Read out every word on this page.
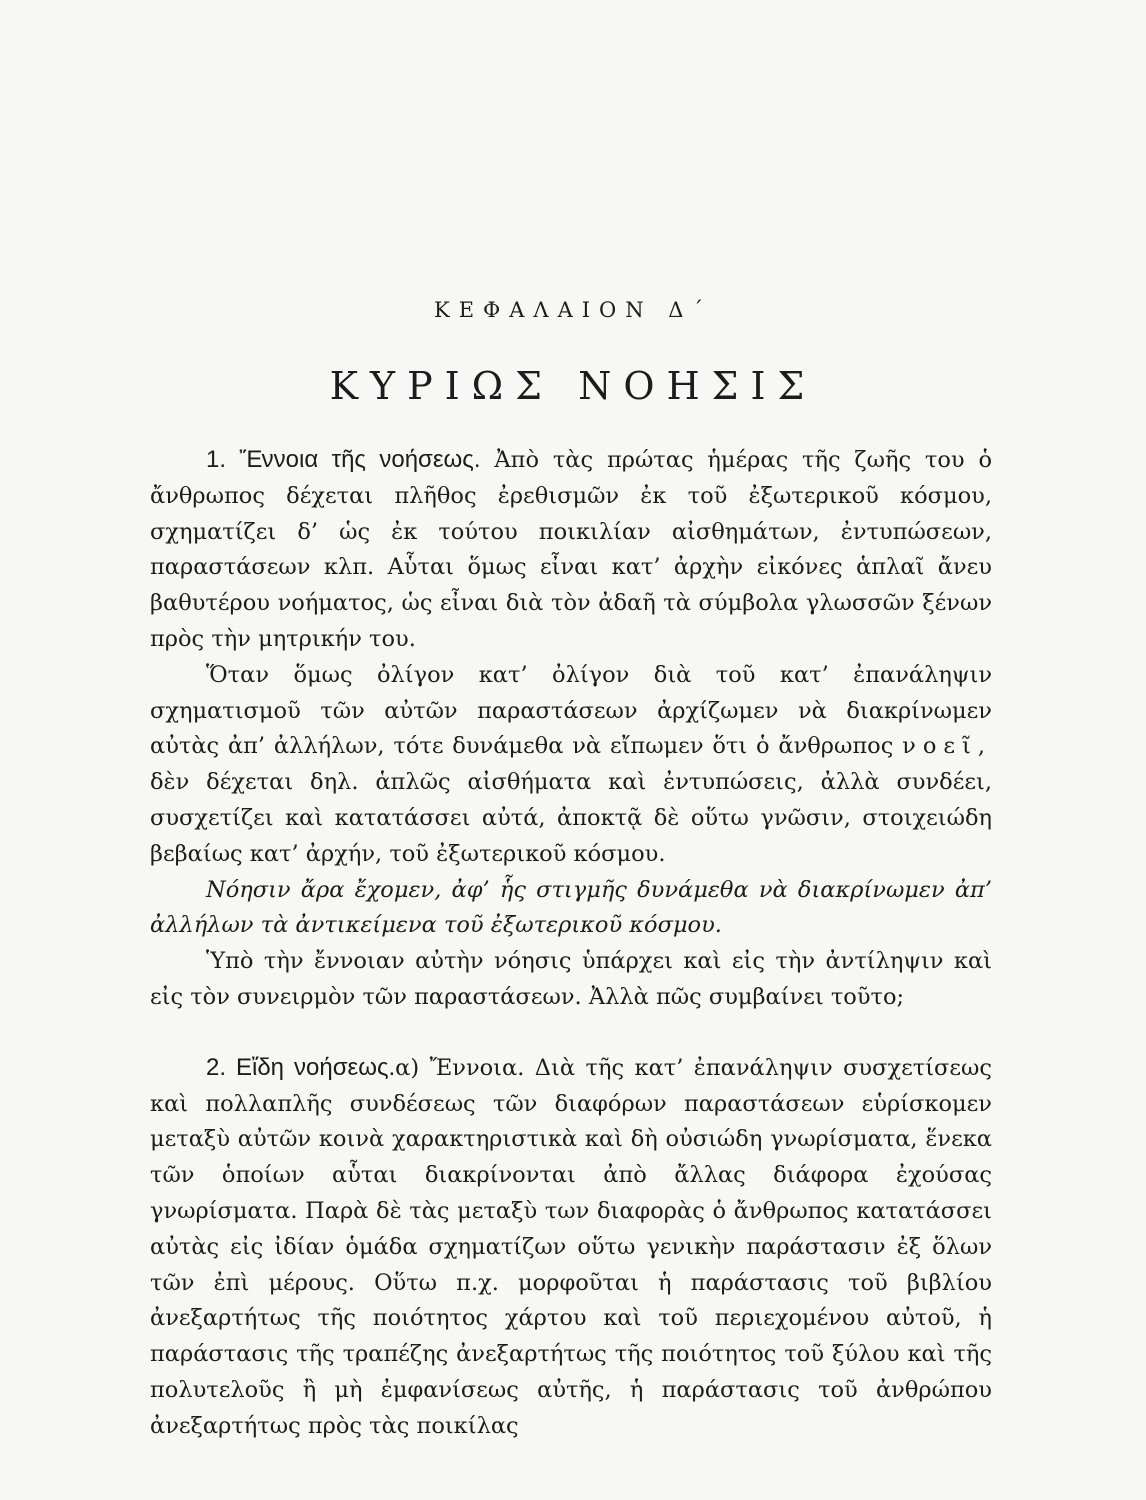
ΚΕΦΑΛΑΙΟΝ Δ΄
ΚΥΡΙΩΣ ΝΟΗΣΙΣ

1. Ἔννοια τῆς νοήσεως. Ἀπὸ τὰς πρώτας ἡμέρας τῆς ζωῆς του ὁ ἄνθρωπος δέχεται πλῆθος ἐρεθισμῶν ἐκ τοῦ ἐξωτερικοῦ κόσμου, σχηματίζει δ’ ὡς ἐκ τούτου ποικιλίαν αἰσθημάτων, ἐντυπώσεων, παραστάσεων κλπ. Αὗται ὅμως εἶναι κατ’ ἀρχὴν εἰκόνες ἁπλαῖ ἄνευ βαθυτέρου νοήματος, ὡς εἶναι διὰ τὸν ἀδαῆ τὰ σύμβολα γλωσσῶν ξένων πρὸς τὴν μητρικήν του.

Ὅταν ὅμως ὀλίγον κατ’ ὀλίγον διὰ τοῦ κατ’ ἐπανάληψιν σχηματισμοῦ τῶν αὐτῶν παραστάσεων ἀρχίζωμεν νὰ διακρίνωμεν αὐτὰς ἀπ’ ἀλλήλων, τότε δυνάμεθα νὰ εἴπωμεν ὅτι ὁ ἄνθρωπος νοεῖ, δὲν δέχεται δηλ. ἁπλῶς αἰσθήματα καὶ ἐντυπώσεις, ἀλλὰ συνδέει, συσχετίζει καὶ κατατάσσει αὐτά, ἀποκτᾷ δὲ οὕτω γνῶσιν, στοιχειώδη βεβαίως κατ’ ἀρχήν, τοῦ ἐξωτερικοῦ κόσμου.

Νόησιν ἄρα ἔχομεν, ἀφ’ ἧς στιγμῆς δυνάμεθα νὰ διακρίνωμεν ἀπ’ ἀλλήλων τὰ ἀντικείμενα τοῦ ἐξωτερικοῦ κόσμου.

Ὑπὸ τὴν ἔννοιαν αὐτὴν νόησις ὑπάρχει καὶ εἰς τὴν ἀντίληψιν καὶ εἰς τὸν συνειρμὸν τῶν παραστάσεων. Ἀλλὰ πῶς συμβαίνει τοῦτο;

2. Εἴδη νοήσεως.α) Ἔννοια. Διὰ τῆς κατ’ ἐπανάληψιν συσχετίσεως καὶ πολλαπλῆς συνδέσεως τῶν διαφόρων παραστάσεων εὑρίσκομεν μεταξὺ αὐτῶν κοινὰ χαρακτηριστικὰ καὶ δὴ οὐσιώδη γνωρίσματα, ἕνεκα τῶν ὁποίων αὗται διακρίνονται ἀπὸ ἄλλας διάφορα ἐχούσας γνωρίσματα. Παρὰ δὲ τὰς μεταξὺ των διαφορὰς ὁ ἄνθρωπος κατατάσσει αὐτὰς εἰς ἰδίαν ὁμάδα σχηματίζων οὕτω γενικὴν παράστασιν ἐξ ὅλων τῶν ἐπὶ μέρους. Οὕτω π.χ. μορφοῦται ἡ παράστασις τοῦ βιβλίου ἀνεξαρτήτως τῆς ποιότητος χάρτου καὶ τοῦ περιεχομένου αὐτοῦ, ἡ παράστασις τῆς τραπέζης ἀνεξαρτήτως τῆς ποιότητος τοῦ ξύλου καὶ τῆς πολυτελοῦς ἢ μὴ ἐμφανίσεως αὐτῆς, ἡ παράστασις τοῦ ἀνθρώπου ἀνεξαρτήτως πρὸς τὰς ποικίλας
